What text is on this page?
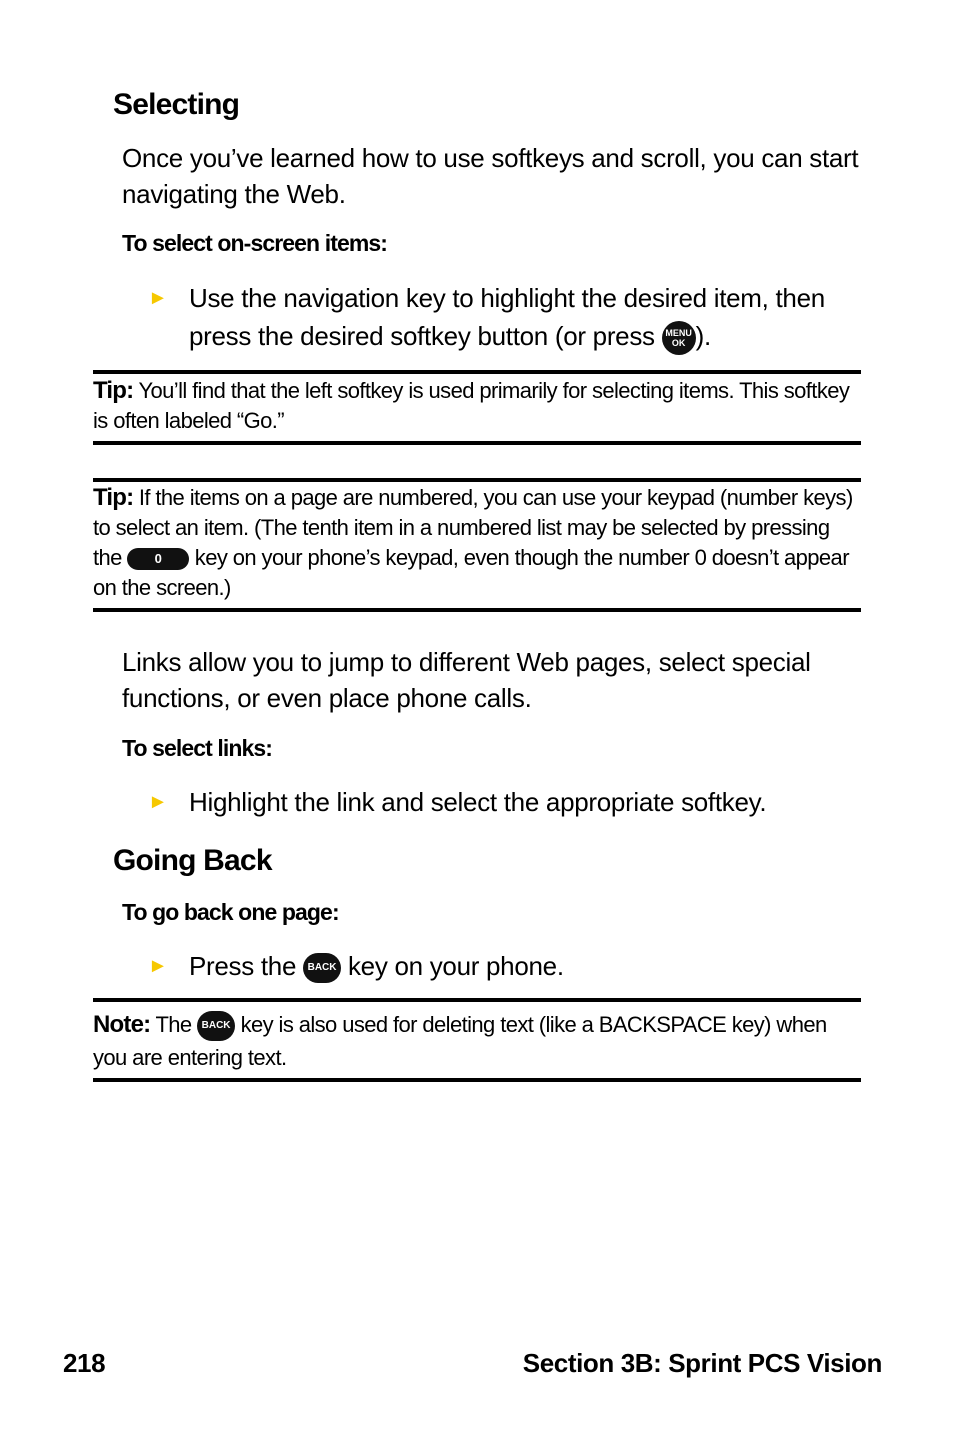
Selecting

Once you’ve learned how to use softkeys and scroll, you can start navigating the Web.

To select on-screen items:

► Use the navigation key to highlight the desired item, then press the desired softkey button (or press MENU
OK ).

Tip: You’ll find that the left softkey is used primarily for selecting items. This softkey is often labeled “Go.”

Tip: If the items on a page are numbered, you can use your keypad (number keys) to select an item. (The tenth item in a numbered list may be selected by pressing the 0 key on your phone’s keypad, even though the number 0 doesn’t appear on the screen.)

Links allow you to jump to different Web pages, select special functions, or even place phone calls.

To select links:

► Highlight the link and select the appropriate softkey.
Going Back

To go back one page:

► Press the BACK key on your phone.

Note: The BACK key is also used for deleting text (like a BACKSPACE key) when you are entering text.

218	Section 3B: Sprint PCS Vision
